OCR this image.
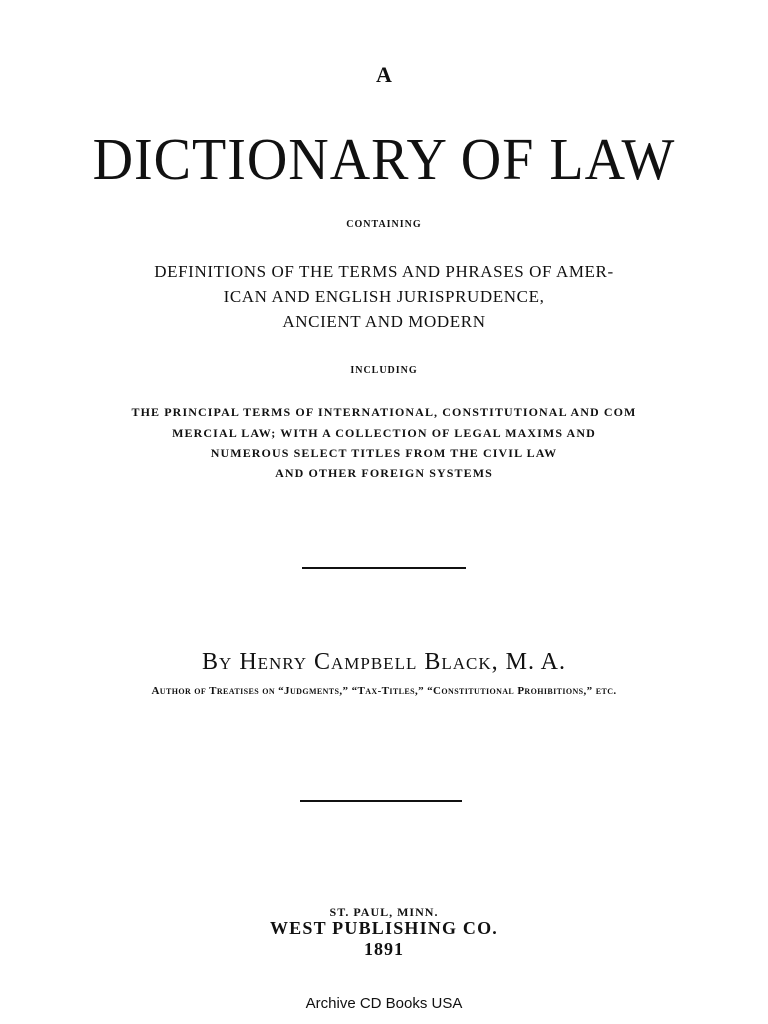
A
DICTIONARY OF LAW
CONTAINING
DEFINITIONS OF THE TERMS AND PHRASES OF AMER-
ICAN AND ENGLISH JURISPRUDENCE,
ANCIENT AND MODERN
INCLUDING
THE PRINCIPAL TERMS OF INTERNATIONAL, CONSTITUTIONAL AND COM
MERCIAL LAW; WITH A COLLECTION OF LEGAL MAXIMS AND
NUMEROUS SELECT TITLES FROM THE CIVIL LAW
AND OTHER FOREIGN SYSTEMS
By Henry Campbell Black, M. A.
Author of Treatises on “Judgments,” “Tax-Titles,” “Constitutional Prohibitions,” etc.
ST. PAUL, MINN.
WEST PUBLISHING CO.
1891
Archive CD Books USA
